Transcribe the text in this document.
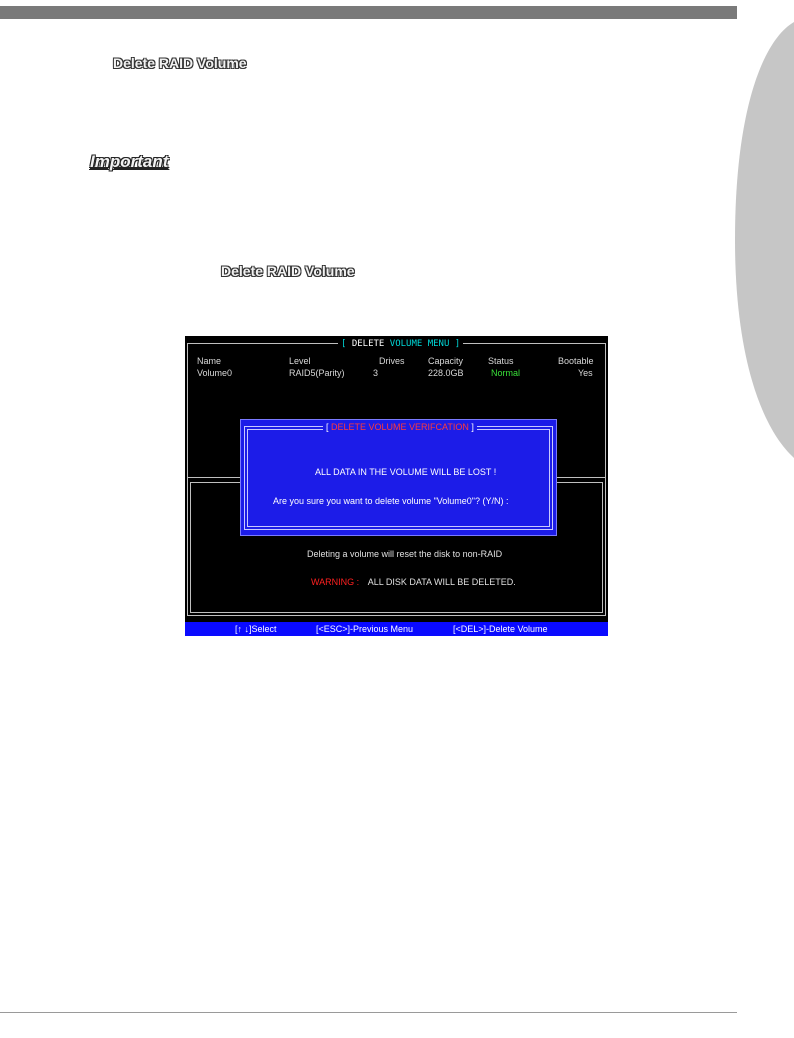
Delete RAID Volume
Important
Delete RAID Volume
[ DELETE VOLUME MENU ]
Name	Level	Drives	Capacity	Status	Bootable
Volume0	RAID5(Parity)	3	228.0GB	Normal	Yes
[ DELETE VOLUME VERIFCATION ]
ALL DATA IN THE VOLUME WILL BE LOST !
Are you sure you want to delete volume "Volume0"? (Y/N) :
Deleting a volume will reset the disk to non-RAID
WARNING : ALL DISK DATA WILL BE DELETED.
[↑ ↓]Select	[<ESC>]-Previous Menu	[<DEL>]-Delete Volume
